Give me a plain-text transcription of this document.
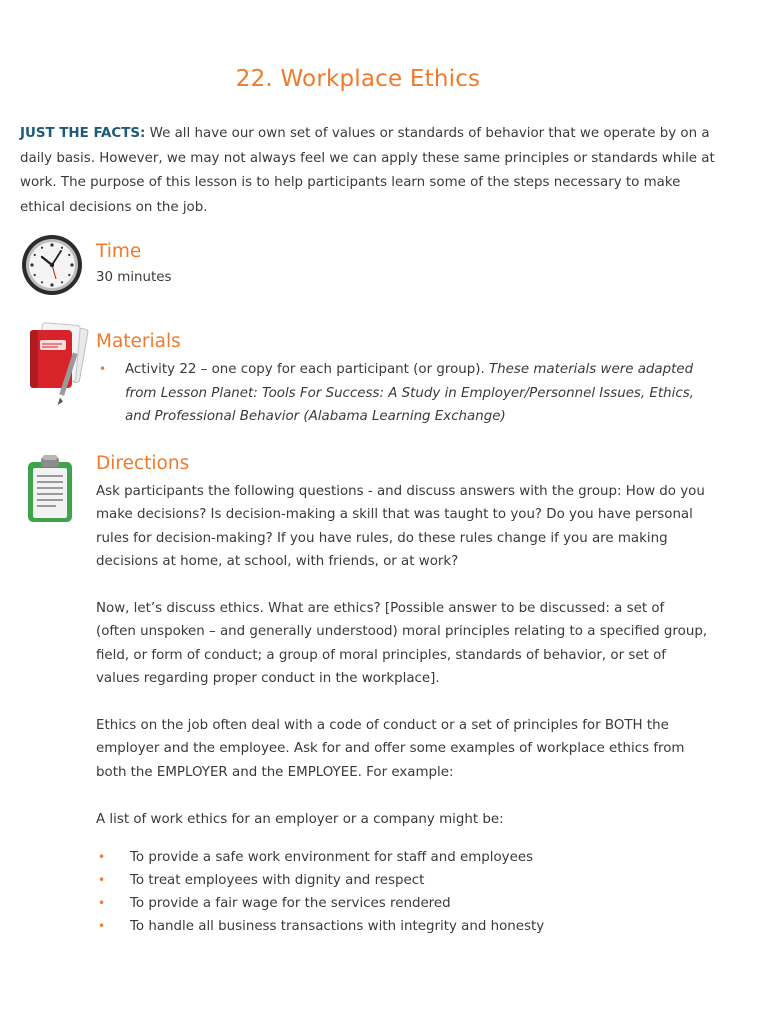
22. Workplace Ethics
JUST THE FACTS: We all have our own set of values or standards of behavior that we operate by on a daily basis. However, we may not always feel we can apply these same principles or standards while at work. The purpose of this lesson is to help participants learn some of the steps necessary to make ethical decisions on the job.
Time
30 minutes
Materials
• Activity 22 – one copy for each participant (or group). These materials were adapted from Lesson Planet: Tools For Success: A Study in Employer/Personnel Issues, Ethics, and Professional Behavior (Alabama Learning Exchange)
Directions
Ask participants the following questions - and discuss answers with the group: How do you make decisions? Is decision-making a skill that was taught to you? Do you have personal rules for decision-making? If you have rules, do these rules change if you are making decisions at home, at school, with friends, or at work?
Now, let’s discuss ethics. What are ethics? [Possible answer to be discussed: a set of (often unspoken – and generally understood) moral principles relating to a specified group, field, or form of conduct; a group of moral principles, standards of behavior, or set of values regarding proper conduct in the workplace].
Ethics on the job often deal with a code of conduct or a set of principles for BOTH the employer and the employee. Ask for and offer some examples of workplace ethics from both the EMPLOYER and the EMPLOYEE. For example:
A list of work ethics for an employer or a company might be:
• To provide a safe work environment for staff and employees
• To treat employees with dignity and respect
• To provide a fair wage for the services rendered
• To handle all business transactions with integrity and honesty
